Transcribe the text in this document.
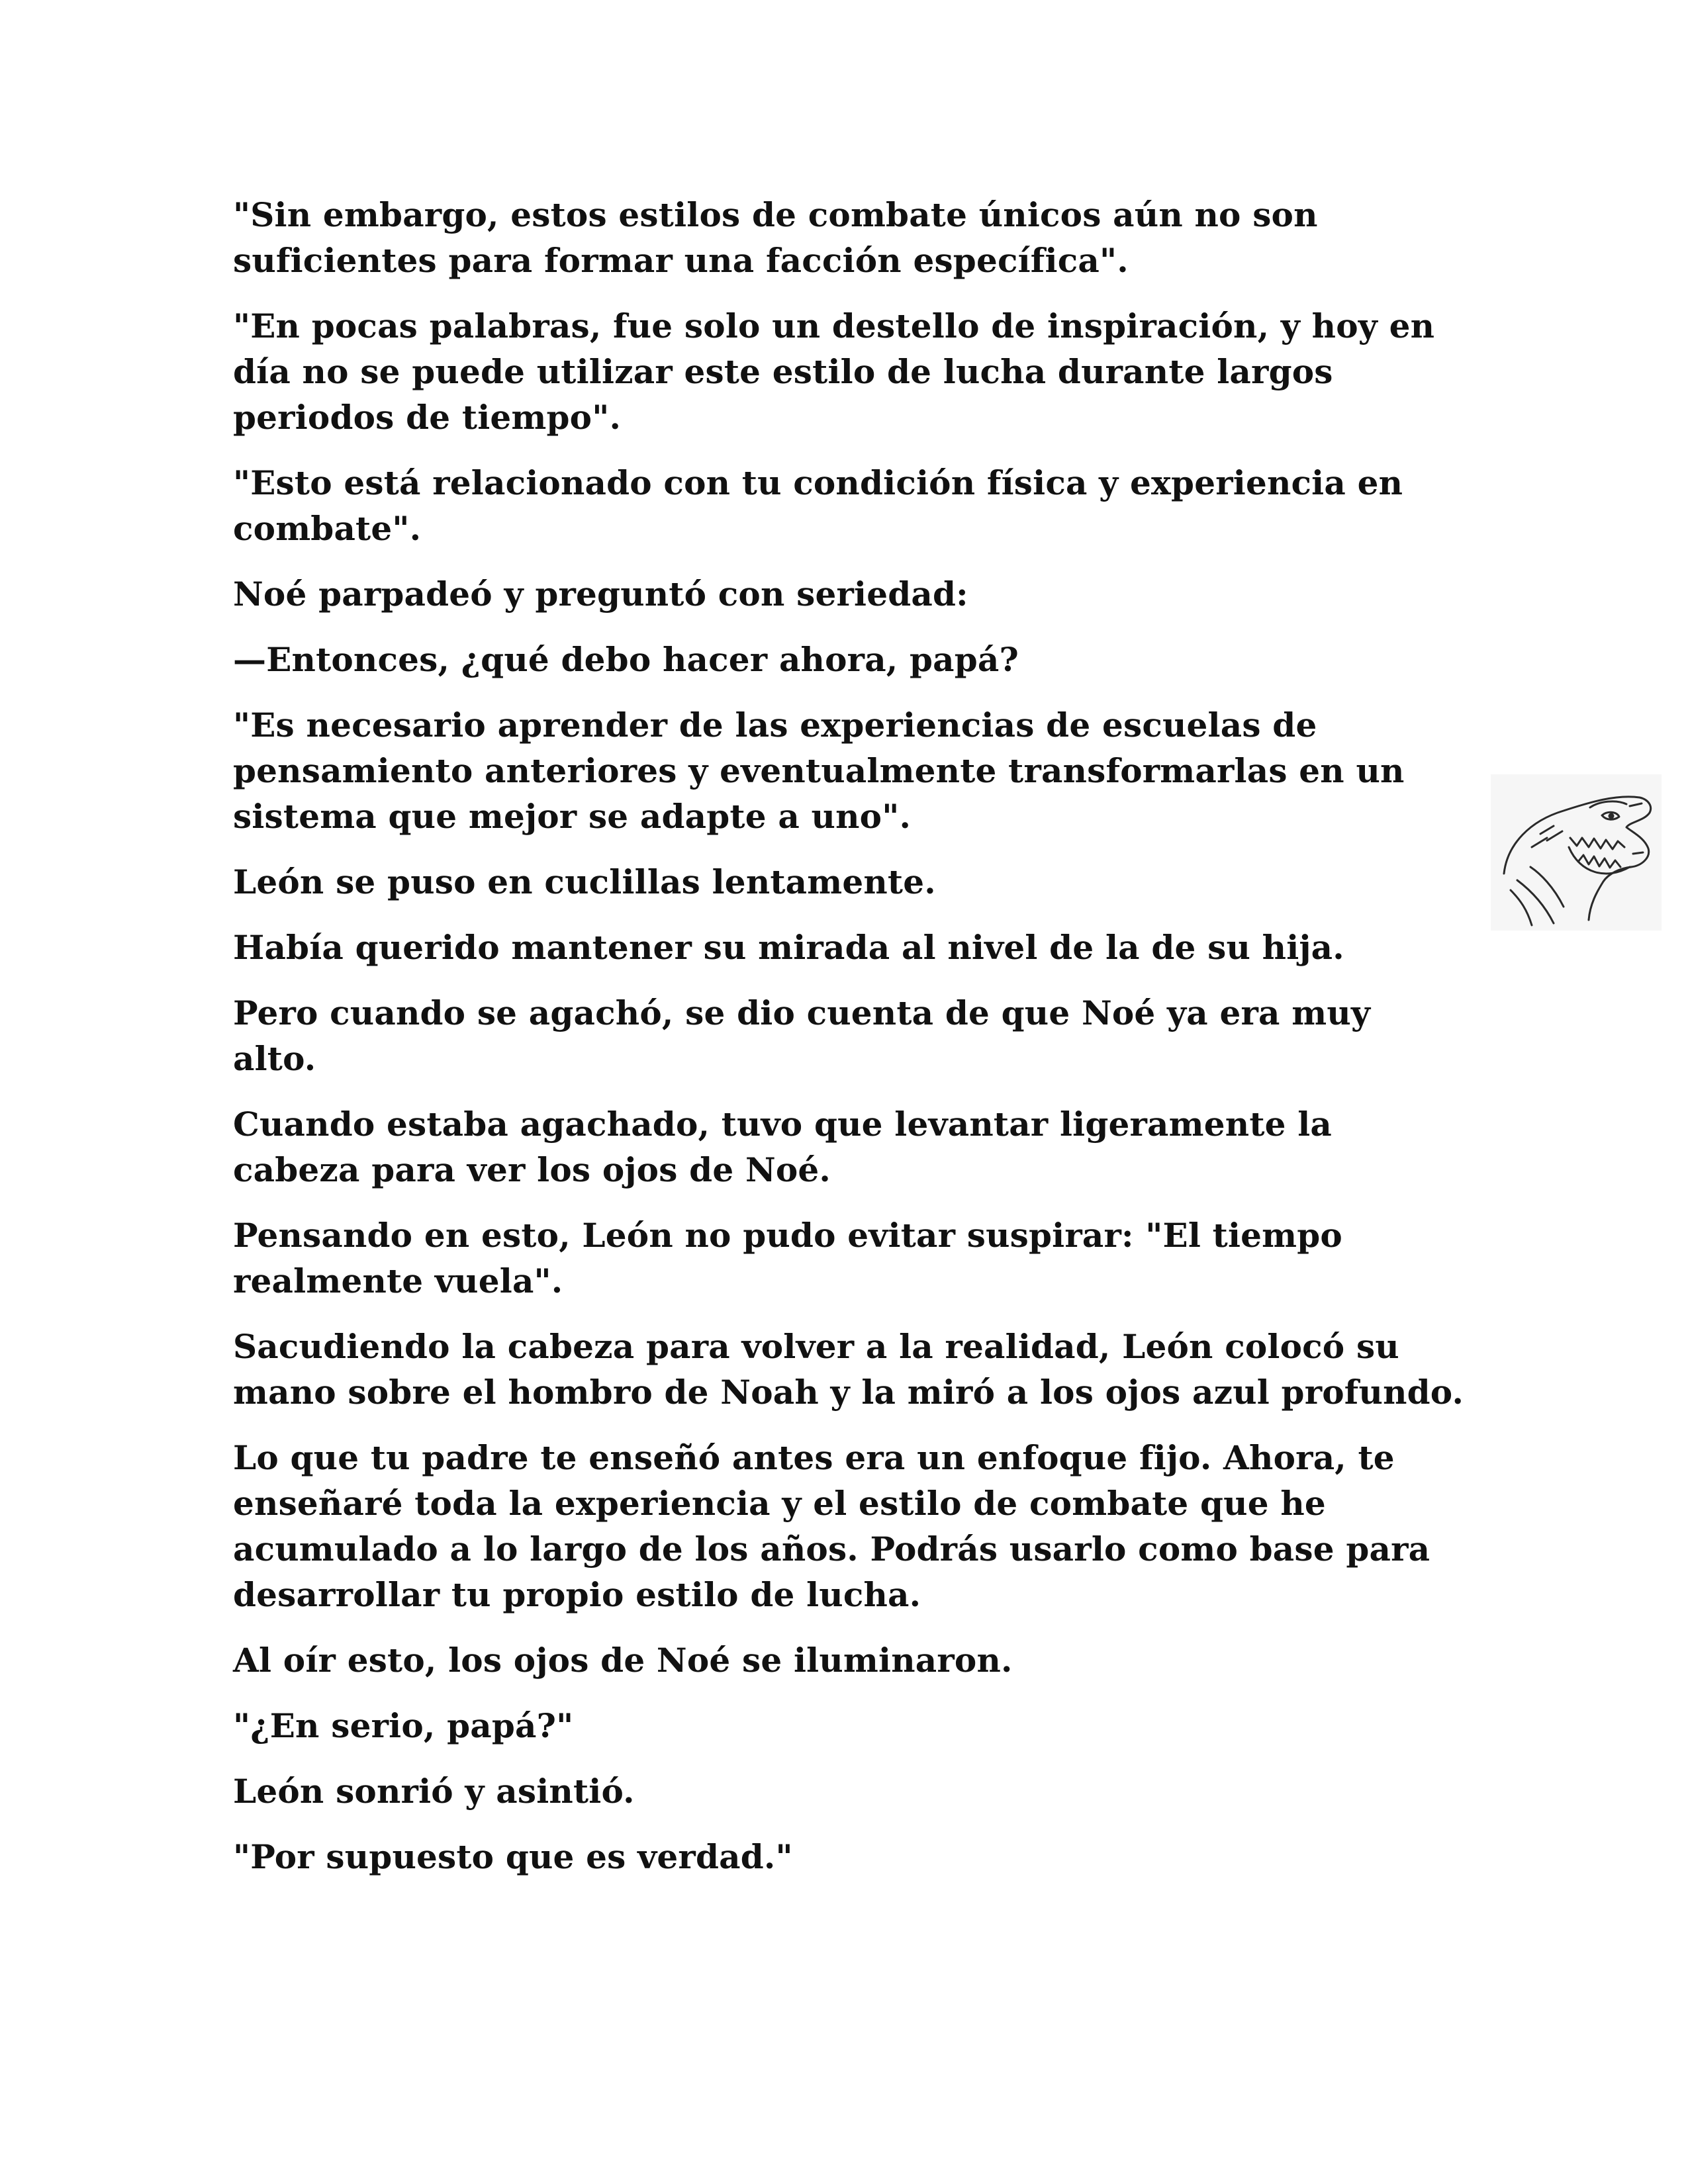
"Sin embargo, estos estilos de combate únicos aún no son suficientes para formar una facción específica".

"En pocas palabras, fue solo un destello de inspiración, y hoy en día no se puede utilizar este estilo de lucha durante largos periodos de tiempo".

"Esto está relacionado con tu condición física y experiencia en combate".

Noé parpadeó y preguntó con seriedad:

—Entonces, ¿qué debo hacer ahora, papá?

"Es necesario aprender de las experiencias de escuelas de pensamiento anteriores y eventualmente transformarlas en un sistema que mejor se adapte a uno".

León se puso en cuclillas lentamente.

Había querido mantener su mirada al nivel de la de su hija.

Pero cuando se agachó, se dio cuenta de que Noé ya era muy alto.

Cuando estaba agachado, tuvo que levantar ligeramente la cabeza para ver los ojos de Noé.

Pensando en esto, León no pudo evitar suspirar: "El tiempo realmente vuela".

Sacudiendo la cabeza para volver a la realidad, León colocó su mano sobre el hombro de Noah y la miró a los ojos azul profundo.

Lo que tu padre te enseñó antes era un enfoque fijo. Ahora, te enseñaré toda la experiencia y el estilo de combate que he acumulado a lo largo de los años. Podrás usarlo como base para desarrollar tu propio estilo de lucha.

Al oír esto, los ojos de Noé se iluminaron.

"¿En serio, papá?"

León sonrió y asintió.

"Por supuesto que es verdad."
